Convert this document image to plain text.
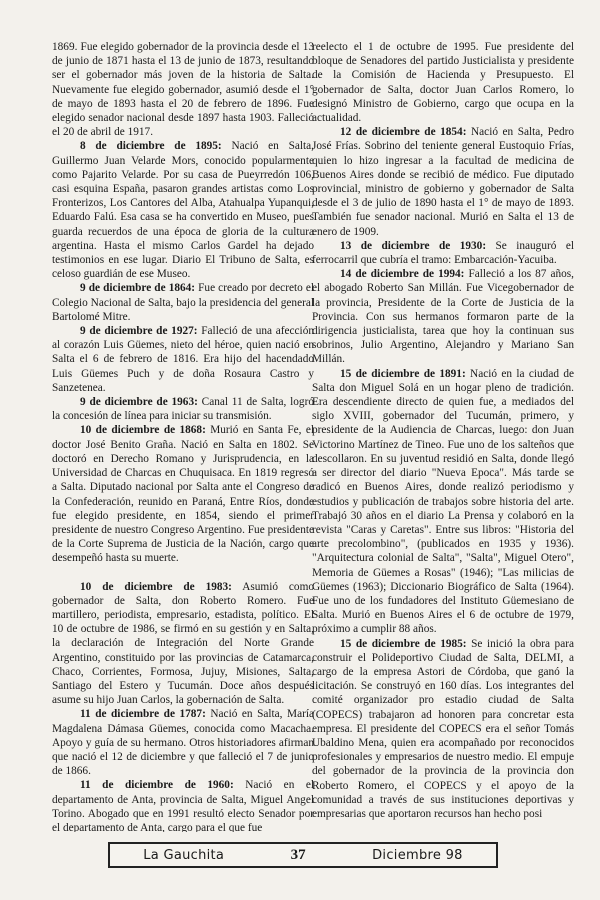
1869. Fue elegido gobernador de la provincia desde el 13 de junio de 1871 hasta el 13 de junio de 1873, resultando ser el gobernador más joven de la historia de Salta. Nuevamente fue elegido gobernador, asumió desde el 1° de mayo de 1893 hasta el 20 de febrero de 1896. Fue elegido senador nacional desde 1897 hasta 1903. Falleció el 20 de abril de 1917.

8 de diciembre de 1895: Nació en Salta, Guillermo Juan Velarde Mors, conocido popularmente como Pajarito Velarde. Por su casa de Pueyrredón 106, casi esquina España, pasaron grandes artistas como Los Fronterizos, Los Cantores del Alba, Atahualpa Yupanqui, Eduardo Falú. Esa casa se ha convertido en Museo, pues guarda recuerdos de una época de gloria de la cultura argentina. Hasta el mismo Carlos Gardel ha dejado testimonios en ese lugar. Diario El Tribuno de Salta, es celoso guardián de ese Museo.

9 de diciembre de 1864: Fue creado por decreto el Colegio Nacional de Salta, bajo la presidencia del general Bartolomé Mitre.

9 de diciembre de 1927: Falleció de una afección al corazón Luis Güemes, nieto del héroe, quien nació en Salta el 6 de febrero de 1816. Era hijo del hacendado Luis Güemes Puch y de doña Rosaura Castro y Sanzetenea.

9 de diciembre de 1963: Canal 11 de Salta, logró la concesión de línea para iniciar su transmisión.

10 de diciembre de 1868: Murió en Santa Fe, el doctor José Benito Graña. Nació en Salta en 1802. Se doctoró en Derecho Romano y Jurisprudencia, en la Universidad de Charcas en Chuquisaca. En 1819 regresó a Salta. Diputado nacional por Salta ante el Congreso de la Confederación, reunido en Paraná, Entre Ríos, donde fue elegido presidente, en 1854, siendo el primer presidente de nuestro Congreso Argentino. Fue presidente de la Corte Suprema de Justicia de la Nación, cargo que desempeñó hasta su muerte.

10 de diciembre de 1983: Asumió como gobernador de Salta, don Roberto Romero. Fue martillero, periodista, empresario, estadista, político. El 10 de octubre de 1986, se firmó en su gestión y en Salta, la declaración de Integración del Norte Grande Argentino, constituido por las provincias de Catamarca, Chaco, Corrientes, Formosa, Jujuy, Misiones, Salta, Santiago del Estero y Tucumán. Doce años después asume su hijo Juan Carlos, la gobernación de Salta.

11 de diciembre de 1787: Nació en Salta, María Magdalena Dámasa Güemes, conocida como Macacha. Apoyo y guía de su hermano. Otros historiadores afirman que nació el 12 de diciembre y que falleció el 7 de junio de 1866.

11 de diciembre de 1960: Nació en el departamento de Anta, provincia de Salta, Miguel Angel Torino. Abogado que en 1991 resultó electo Senador por el departamento de Anta, cargo para el que fue

reelecto el 1 de octubre de 1995. Fue presidente del bloque de Senadores del partido Justicialista y presidente de la Comisión de Hacienda y Presupuesto. El gobernador de Salta, doctor Juan Carlos Romero, lo designó Ministro de Gobierno, cargo que ocupa en la actualidad.

12 de diciembre de 1854: Nació en Salta, Pedro José Frías. Sobrino del teniente general Eustoquio Frías, quien lo hizo ingresar a la facultad de medicina de Buenos Aires donde se recibió de médico. Fue diputado provincial, ministro de gobierno y gobernador de Salta desde el 3 de julio de 1890 hasta el 1° de mayo de 1893. También fue senador nacional. Murió en Salta el 13 de enero de 1909.

13 de diciembre de 1930: Se inauguró el ferrocarril que cubría el tramo: Embarcación-Yacuiba.

14 de diciembre de 1994: Falleció a los 87 años, el abogado Roberto San Millán. Fue Vicegobernador de la provincia, Presidente de la Corte de Justicia de la Provincia. Con sus hermanos formaron parte de la dirigencia justicialista, tarea que hoy la continuan sus sobrinos, Julio Argentino, Alejandro y Mariano San Millán.

15 de diciembre de 1891: Nació en la ciudad de Salta don Miguel Solá en un hogar pleno de tradición. Era descendiente directo de quien fue, a mediados del siglo XVIII, gobernador del Tucumán, primero, y presidente de la Audiencia de Charcas, luego: don Juan Victorino Martínez de Tineo. Fue uno de los salteños que descollaron. En su juventud residió en Salta, donde llegó a ser director del diario "Nueva Epoca". Más tarde se radicó en Buenos Aires, donde realizó periodismo y estudios y publicación de trabajos sobre historia del arte. Trabajó 30 años en el diario La Prensa y colaboró en la revista "Caras y Caretas". Entre sus libros: "Historia del arte precolombino", (publicados en 1935 y 1936). "Arquitectura colonial de Salta", "Salta", Miguel Otero", Memoria de Güemes a Rosas" (1946); "Las milicias de Güemes (1963); Diccionario Biográfico de Salta (1964). Fue uno de los fundadores del Instituto Güemesiano de Salta. Murió en Buenos Aires el 6 de octubre de 1979, próximo a cumplir 88 años.

15 de diciembre de 1985: Se inició la obra para construir el Polideportivo Ciudad de Salta, DELMI, a cargo de la empresa Astori de Córdoba, que ganó la licitación. Se construyó en 160 días. Los integrantes del comité organizador pro estadio ciudad de Salta (COPECS) trabajaron ad honoren para concretar esta empresa. El presidente del COPECS era el señor Tomás Ubaldino Mena, quien era acompañado por reconocidos profesionales y empresarios de nuestro medio. El empuje del gobernador de la provincia de la provincia don Roberto Romero, el COPECS y el apoyo de la comunidad a través de sus instituciones deportivas y empresarias que aportaron recursos han hecho posi

La Gauchita	37	Diciembre 98
